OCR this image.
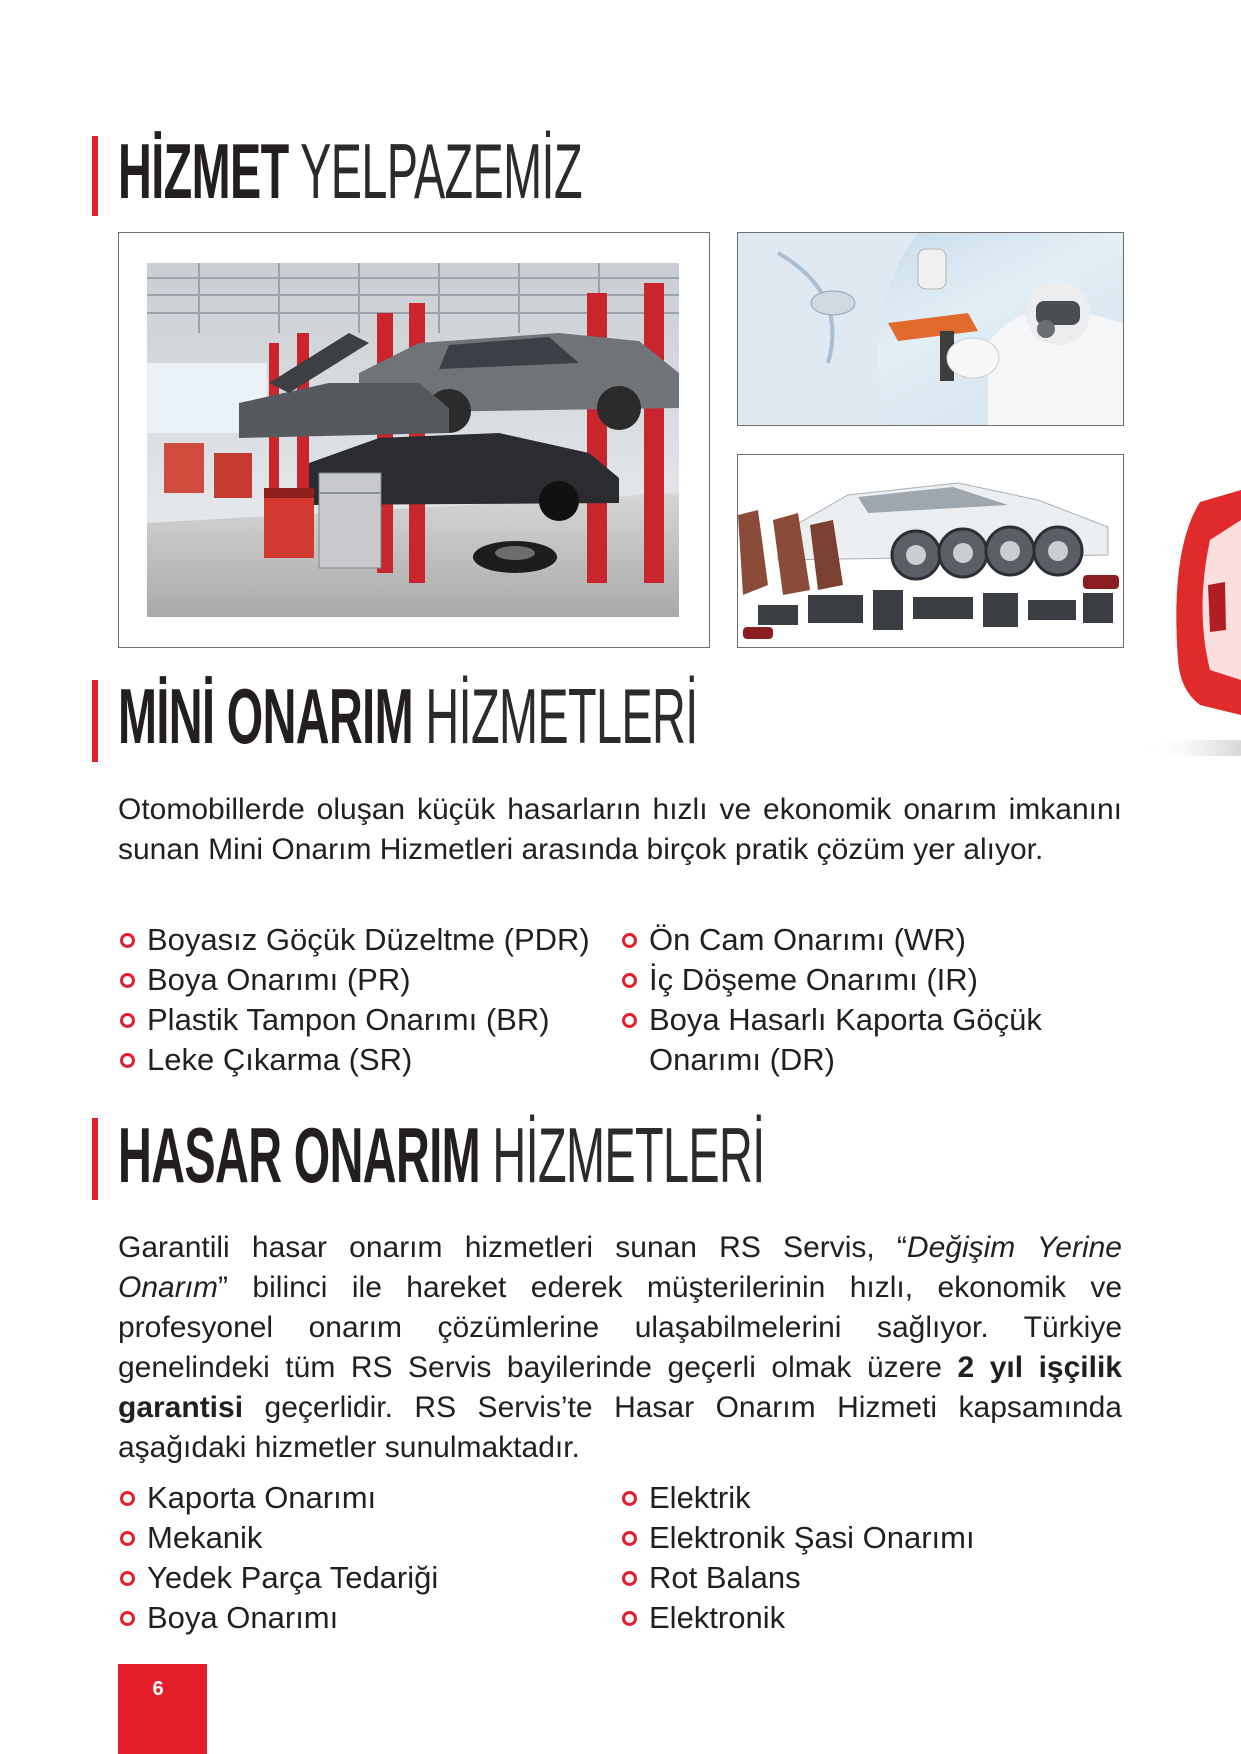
HİZMET YELPAZEMİZ
MİNİ ONARIM HİZMETLERİ

Otomobillerde oluşan küçük hasarların hızlı ve ekonomik onarım imkanını sunan Mini Onarım Hizmetleri arasında birçok pratik çözüm yer alıyor.

Boyasız Göçük Düzeltme (PDR)
Boya Onarımı (PR)
Plastik Tampon Onarımı (BR)
Leke Çıkarma (SR)
Ön Cam Onarımı (WR)
İç Döşeme Onarımı (IR)
Boya Hasarlı Kaporta Göçük
Onarımı (DR)
HASAR ONARIM HİZMETLERİ

Garantili hasar onarım hizmetleri sunan RS Servis, “Değişim Yerine Onarım” bilinci ile hareket ederek müşterilerinin hızlı, ekonomik ve profesyonel onarım çözümlerine ulaşabilmelerini sağlıyor. Türkiye genelindeki tüm RS Servis bayilerinde geçerli olmak üzere 2 yıl işçilik garantisi geçerlidir. RS Servis’te Hasar Onarım Hizmeti kapsamında aşağıdaki hizmetler sunulmaktadır.

Kaporta Onarımı
Mekanik
Yedek Parça Tedariği
Boya Onarımı
Elektrik
Elektronik Şasi Onarımı
Rot Balans
Elektronik
6
